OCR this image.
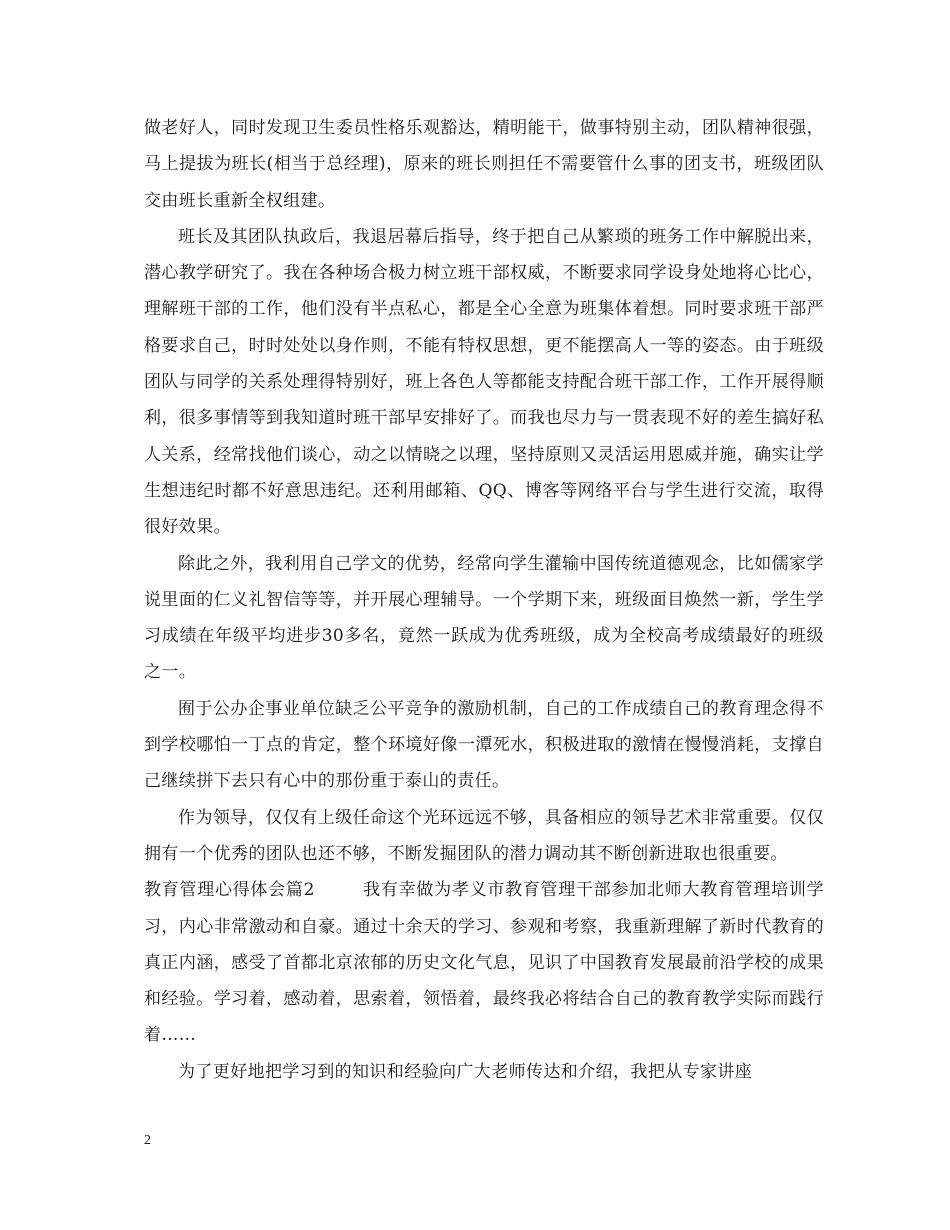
做老好人，同时发现卫生委员性格乐观豁达，精明能干，做事特别主动，团队精神很强，马上提拔为班长(相当于总经理)，原来的班长则担任不需要管什么事的团支书，班级团队交由班长重新全权组建。

班长及其团队执政后，我退居幕后指导，终于把自己从繁琐的班务工作中解脱出来，潜心教学研究了。我在各种场合极力树立班干部权威，不断要求同学设身处地将心比心，理解班干部的工作，他们没有半点私心，都是全心全意为班集体着想。同时要求班干部严格要求自己，时时处处以身作则，不能有特权思想，更不能摆高人一等的姿态。由于班级团队与同学的关系处理得特别好，班上各色人等都能支持配合班干部工作，工作开展得顺利，很多事情等到我知道时班干部早安排好了。而我也尽力与一贯表现不好的差生搞好私人关系，经常找他们谈心，动之以情晓之以理，坚持原则又灵活运用恩威并施，确实让学生想违纪时都不好意思违纪。还利用邮箱、QQ、博客等网络平台与学生进行交流，取得很好效果。

除此之外，我利用自己学文的优势，经常向学生灌输中国传统道德观念，比如儒家学说里面的仁义礼智信等等，并开展心理辅导。一个学期下来，班级面目焕然一新，学生学习成绩在年级平均进步30多名，竟然一跃成为优秀班级，成为全校高考成绩最好的班级之一。

囿于公办企事业单位缺乏公平竞争的激励机制，自己的工作成绩自己的教育理念得不到学校哪怕一丁点的肯定，整个环境好像一潭死水，积极进取的激情在慢慢消耗，支撑自己继续拼下去只有心中的那份重于泰山的责任。

作为领导，仅仅有上级任命这个光环远远不够，具备相应的领导艺术非常重要。仅仅拥有一个优秀的团队也还不够，不断发掘团队的潜力调动其不断创新进取也很重要。

教育管理心得体会篇2	我有幸做为孝义市教育管理干部参加北师大教育管理培训学习，内心非常激动和自豪。通过十余天的学习、参观和考察，我重新理解了新时代教育的真正内涵，感受了首都北京浓郁的历史文化气息，见识了中国教育发展最前沿学校的成果和经验。学习着，感动着，思索着，领悟着，最终我必将结合自己的教育教学实际而践行着……

为了更好地把学习到的知识和经验向广大老师传达和介绍，我把从专家讲座

2
